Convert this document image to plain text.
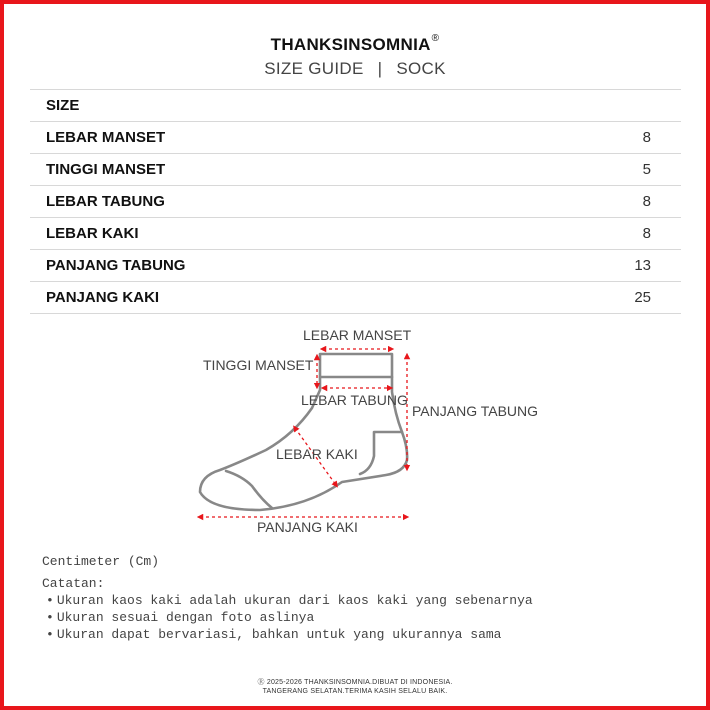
THANKSINSOMNIA®
SIZE GUIDE | SOCK
SIZE	
LEBAR MANSET	8
TINGGI MANSET	5
LEBAR TABUNG	8
LEBAR KAKI	8
PANJANG TABUNG	13
PANJANG KAKI	25
LEBAR MANSET
TINGGI MANSET
LEBAR TABUNG
PANJANG TABUNG
LEBAR KAKI
PANJANG KAKI
Centimeter (Cm)
Catatan:
• Ukuran kaos kaki adalah ukuran dari kaos kaki yang sebenarnya
• Ukuran sesuai dengan foto aslinya
• Ukuran dapat bervariasi, bahkan untuk yang ukurannya sama
Ⓡ 2025-2026 THANKSINSOMNIA.DIBUAT DI INDONESIA.
TANGERANG SELATAN.TERIMA KASIH SELALU BAIK.
